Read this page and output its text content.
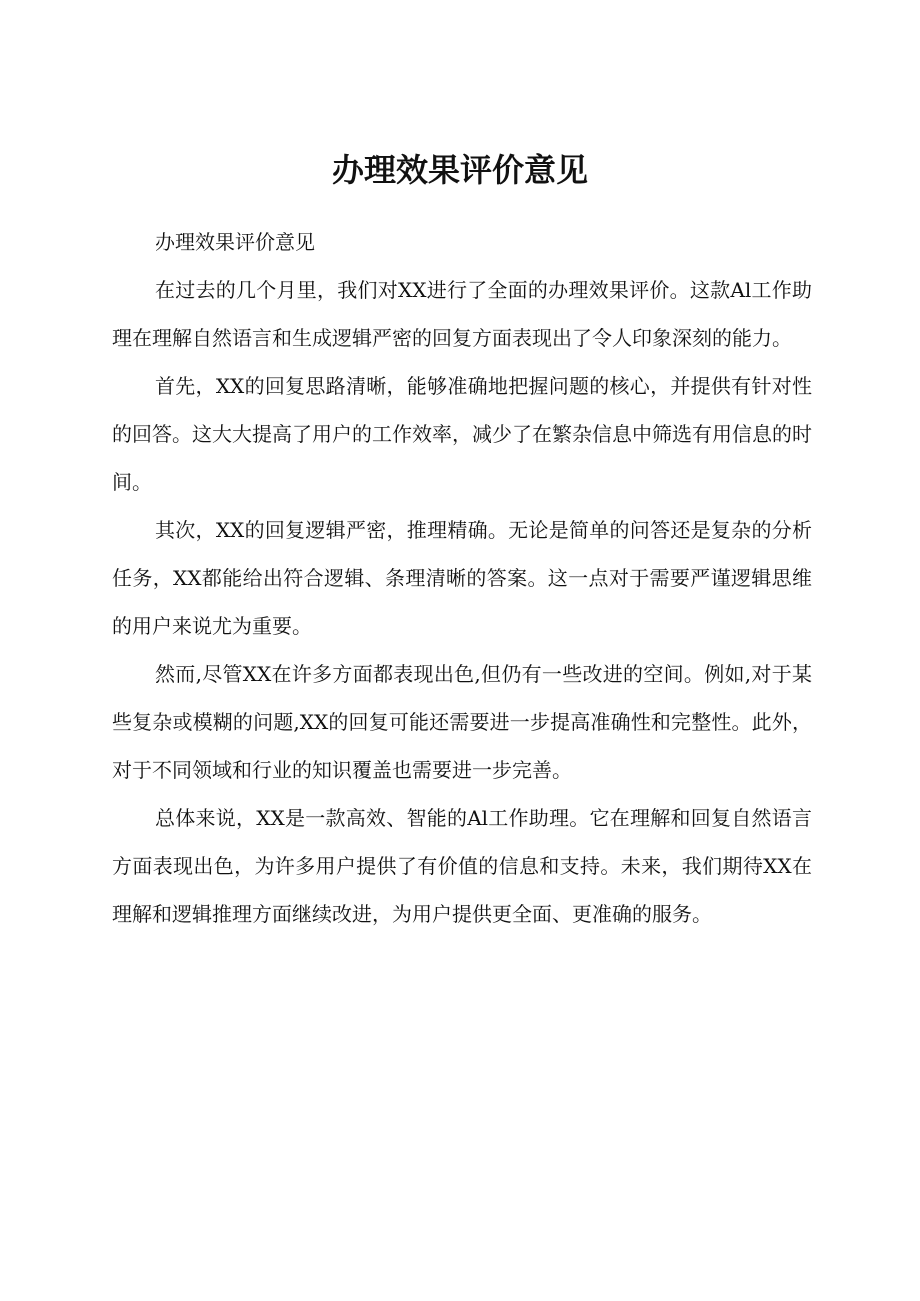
办理效果评价意见

办理效果评价意见

在过去的几个月里，我们对XX进行了全面的办理效果评价。这款Al工作助理在理解自然语言和生成逻辑严密的回复方面表现出了令人印象深刻的能力。

首先，XX的回复思路清晰，能够准确地把握问题的核心，并提供有针对性的回答。这大大提高了用户的工作效率，减少了在繁杂信息中筛选有用信息的时间。

其次，XX的回复逻辑严密，推理精确。无论是简单的问答还是复杂的分析任务，XX都能给出符合逻辑、条理清晰的答案。这一点对于需要严谨逻辑思维的用户来说尤为重要。

然而,尽管XX在许多方面都表现出色,但仍有一些改进的空间。例如,对于某些复杂或模糊的问题,XX的回复可能还需要进一步提高准确性和完整性。此外，对于不同领域和行业的知识覆盖也需要进一步完善。

总体来说，XX是一款高效、智能的Al工作助理。它在理解和回复自然语言方面表现出色，为许多用户提供了有价值的信息和支持。未来，我们期待XX在理解和逻辑推理方面继续改进，为用户提供更全面、更准确的服务。
